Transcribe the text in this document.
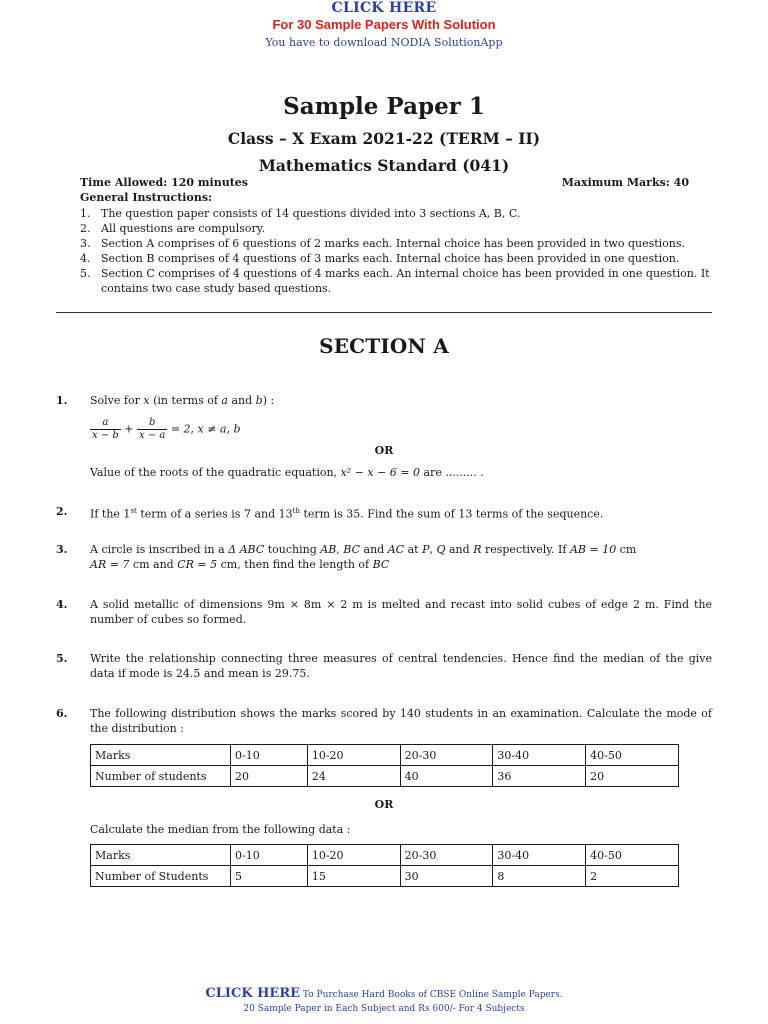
CLICK HERE
For 30 Sample Papers With Solution
You have to download NODIA SolutionApp
Sample Paper 1
Class – X Exam 2021-22 (TERM – II)
Mathematics Standard (041)
Time Allowed: 120 minutes	Maximum Marks: 40
General Instructions:
1. The question paper consists of 14 questions divided into 3 sections A, B, C.
2. All questions are compulsory.
3. Section A comprises of 6 questions of 2 marks each. Internal choice has been provided in two questions.
4. Section B comprises of 4 questions of 3 marks each. Internal choice has been provided in one question.
5. Section C comprises of 4 questions of 4 marks each. An internal choice has been provided in one question. It contains two case study based questions.
SECTION A
1. Solve for x (in terms of a and b) :
$\frac{a}{x - b} + \frac{b}{x - a} = 2$, x ≠ a, b
OR
Value of the roots of the quadratic equation, x² − x − 6 = 0 are ......... .
2. If the 1st term of a series is 7 and 13th term is 35. Find the sum of 13 terms of the sequence.
3. A circle is inscribed in a Δ ABC touching AB, BC and AC at P, Q and R respectively. If AB = 10 cm
AR = 7 cm and CR = 5 cm, then find the length of BC
4. A solid metallic of dimensions 9m × 8m × 2 m is melted and recast into solid cubes of edge 2 m. Find the number of cubes so formed.
5. Write the relationship connecting three measures of central tendencies. Hence find the median of the give data if mode is 24.5 and mean is 29.75.
6. The following distribution shows the marks scored by 140 students in an examination. Calculate the mode of the distribution :
Marks	0-10	10-20	20-30	30-40	40-50
Number of students	20	24	40	36	20
OR
Calculate the median from the following data :
Marks	0-10	10-20	20-30	30-40	40-50
Number of Students	5	15	30	8	2
CLICK HERE To Purchase Hard Books of CBSE Online Sample Papers.
20 Sample Paper in Each Subject and Rs 600/- For 4 Subjects
